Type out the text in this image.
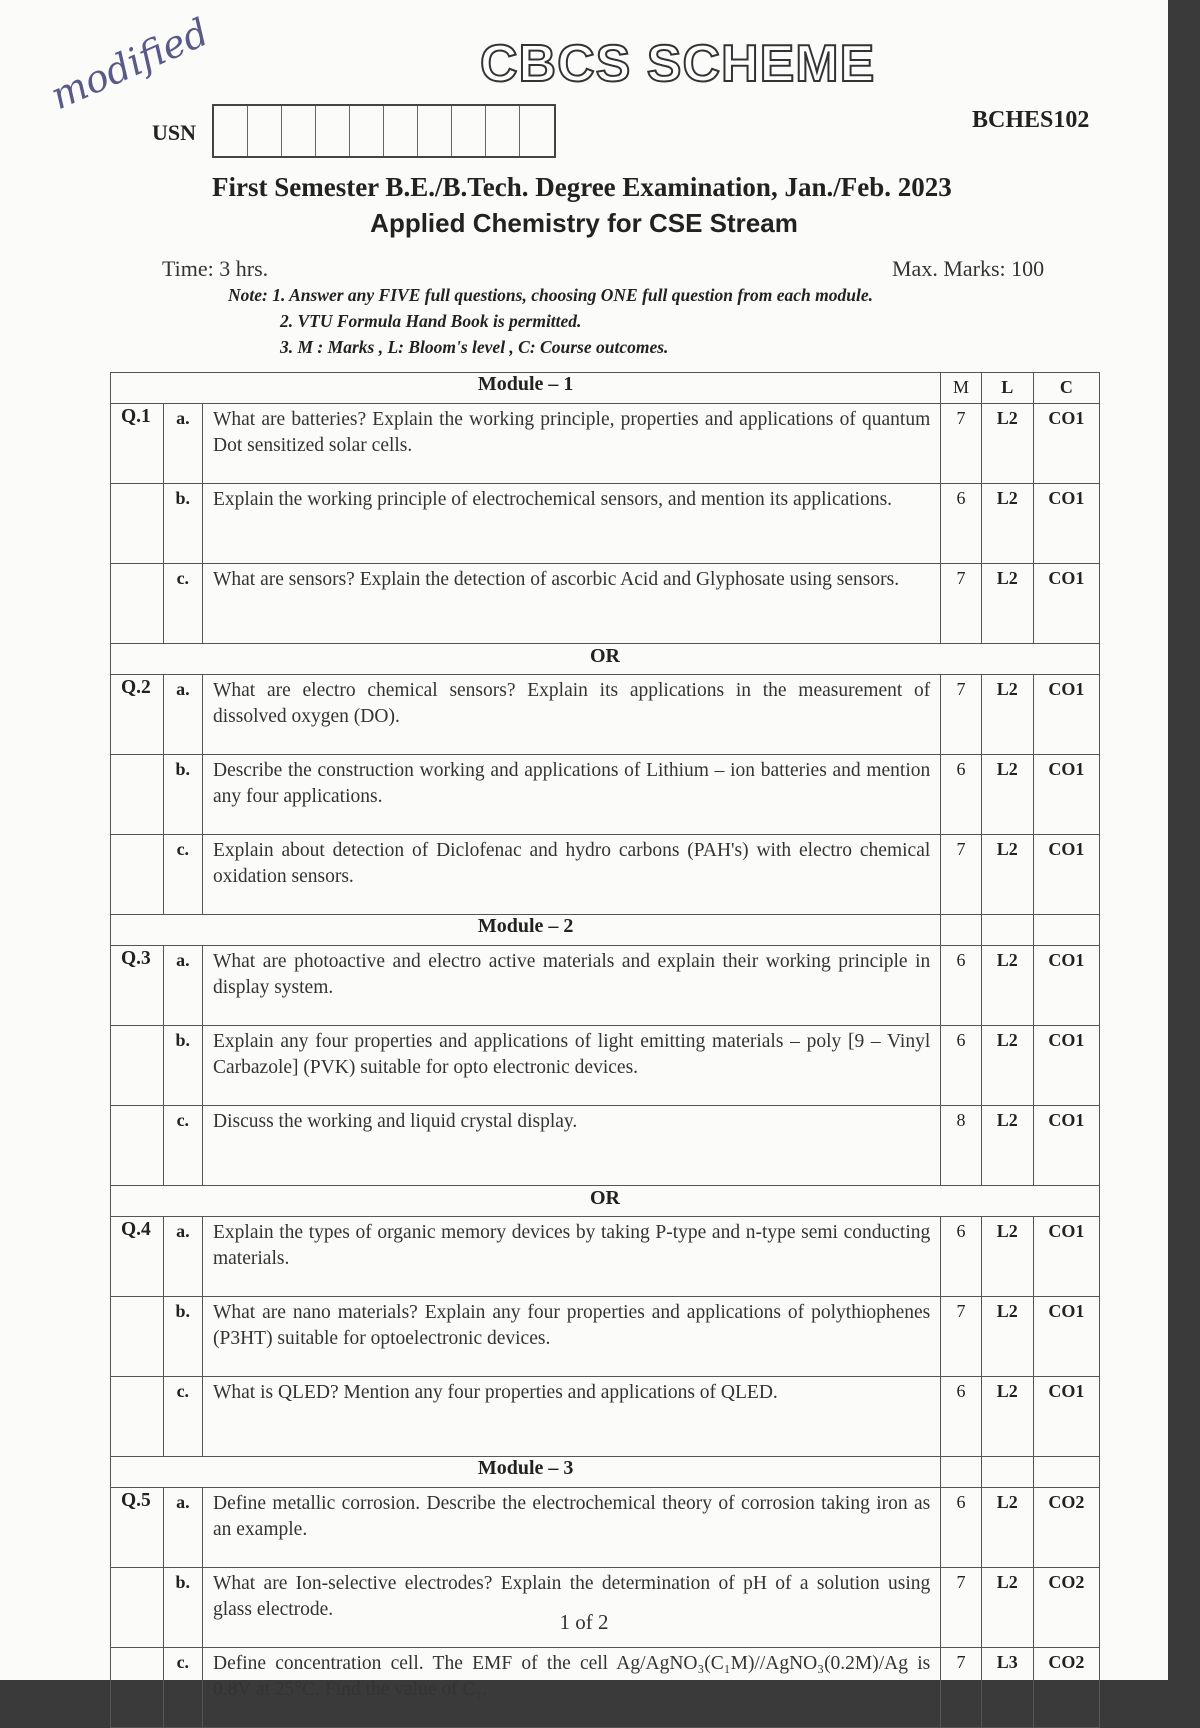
CBCS SCHEME
modified
USN	BCHES102
First Semester B.E./B.Tech. Degree Examination, Jan./Feb. 2023
Applied Chemistry for CSE Stream
Time: 3 hrs.	Max. Marks: 100
Note: 1. Answer any FIVE full questions, choosing ONE full question from each module.
2. VTU Formula Hand Book is permitted.
3. M : Marks , L: Bloom's level , C: Course outcomes.
Module – 1			M	L	C
Q.1	a.	What are batteries? Explain the working principle, properties and applications of quantum Dot sensitized solar cells.	7	L2	CO1
	b.	Explain the working principle of electrochemical sensors, and mention its applications.	6	L2	CO1
	c.	What are sensors? Explain the detection of ascorbic Acid and Glyphosate using sensors.	7	L2	CO1
OR					
Q.2	a.	What are electro chemical sensors? Explain its applications in the measurement of dissolved oxygen (DO).	7	L2	CO1
	b.	Describe the construction working and applications of Lithium – ion batteries and mention any four applications.	6	L2	CO1
	c.	Explain about detection of Diclofenac and hydro carbons (PAH's) with electro chemical oxidation sensors.	7	L2	CO1
Module – 2					
Q.3	a.	What are photoactive and electro active materials and explain their working principle in display system.	6	L2	CO1
	b.	Explain any four properties and applications of light emitting materials – poly [9 – Vinyl Carbazole] (PVK) suitable for opto electronic devices.	6	L2	CO1
	c.	Discuss the working and liquid crystal display.	8	L2	CO1
OR					
Q.4	a.	Explain the types of organic memory devices by taking P-type and n-type semi conducting materials.	6	L2	CO1
	b.	What are nano materials? Explain any four properties and applications of polythiophenes (P3HT) suitable for optoelectronic devices.	7	L2	CO1
	c.	What is QLED? Mention any four properties and applications of QLED.	6	L2	CO1
Module – 3					
Q.5	a.	Define metallic corrosion. Describe the electrochemical theory of corrosion taking iron as an example.	6	L2	CO2
	b.	What are Ion-selective electrodes? Explain the determination of pH of a solution using glass electrode.	7	L2	CO2
	c.	Define concentration cell. The EMF of the cell Ag/AgNO₃(C₁M)//AgNO₃(0.2M)/Ag is 0.8V at 25°C. Find the value of C₁.	7	L3	CO2
1 of 2
